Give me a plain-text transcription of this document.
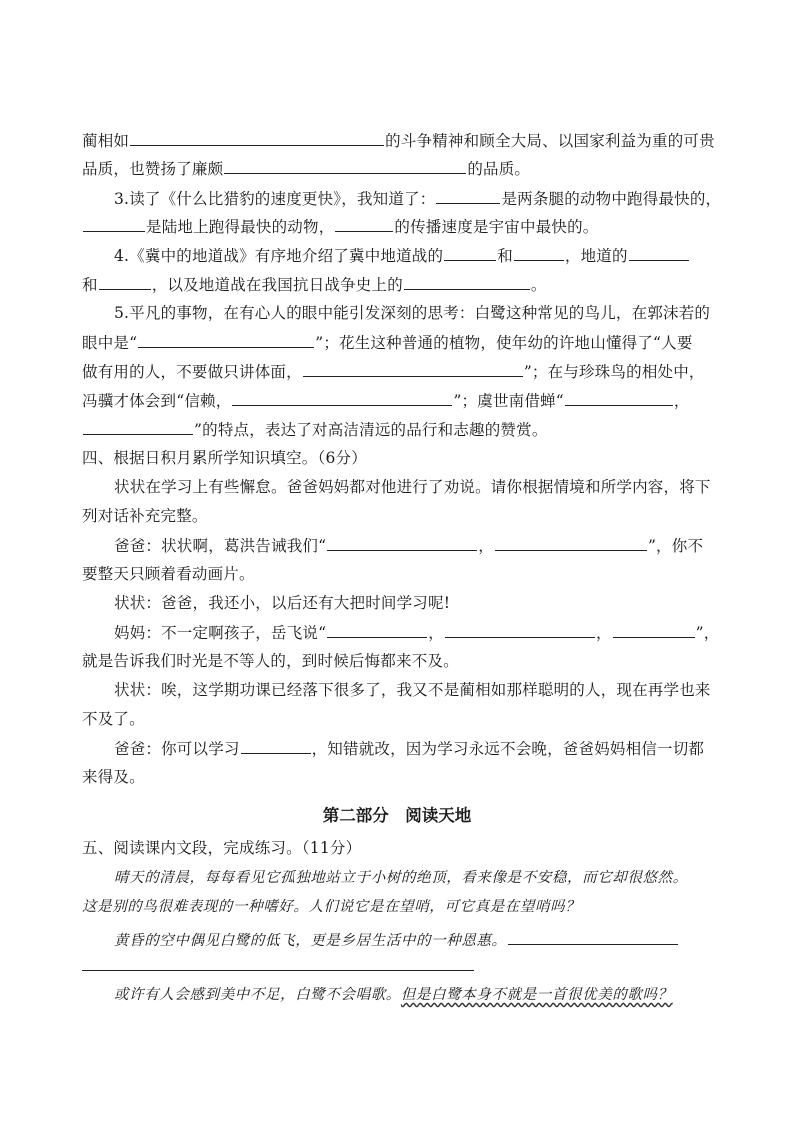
蔺相如	的斗争精神和顾全大局、以国家利益为重的可贵
品质，也赞扬了廉颇	的品质。
3.读了《什么比猎豹的速度更快》，我知道了：	是两条腿的动物中跑得最快的，
是陆地上跑得最快的动物，	的传播速度是宇宙中最快的。
4.《冀中的地道战》有序地介绍了冀中地道战的	和	，地道的
和	，以及地道战在我国抗日战争史上的	。
5.平凡的事物，在有心人的眼中能引发深刻的思考：白鹭这种常见的鸟儿，在郭沫若的
眼中是“	”；花生这种普通的植物，使年幼的许地山懂得了“人要
做有用的人，不要做只讲体面，	”；在与珍珠鸟的相处中，
冯骥才体会到“信赖，	”；虞世南借蝉“	，
”的特点，表达了对高洁清远的品行和志趣的赞赏。
四、根据日积月累所学知识填空。（6分）
状状在学习上有些懈怠。爸爸妈妈都对他进行了劝说。请你根据情境和所学内容，将下
列对话补充完整。
爸爸：状状啊，葛洪告诫我们“	，	”，你不
要整天只顾着看动画片。
状状：爸爸，我还小，以后还有大把时间学习呢!
妈妈：不一定啊孩子，岳飞说“	，	，	”，
就是告诉我们时光是不等人的，到时候后悔都来不及。
状状：唉，这学期功课已经落下很多了，我又不是蔺相如那样聪明的人，现在再学也来
不及了。
爸爸：你可以学习	，知错就改，因为学习永远不会晚，爸爸妈妈相信一切都
来得及。
第二部分　阅读天地
五、阅读课内文段，完成练习。（11分）
晴天的清晨，每每看见它孤独地站立于小树的绝顶，看来像是不安稳，而它却很悠然。
这是别的鸟很难表现的一种嗜好。人们说它是在望哨，可它真是在望哨吗？
黄昏的空中偶见白鹭的低飞，更是乡居生活中的一种恩惠。
或许有人会感到美中不足，白鹭不会唱歌。但是白鹭本身不就是一首很优美的歌吗？
